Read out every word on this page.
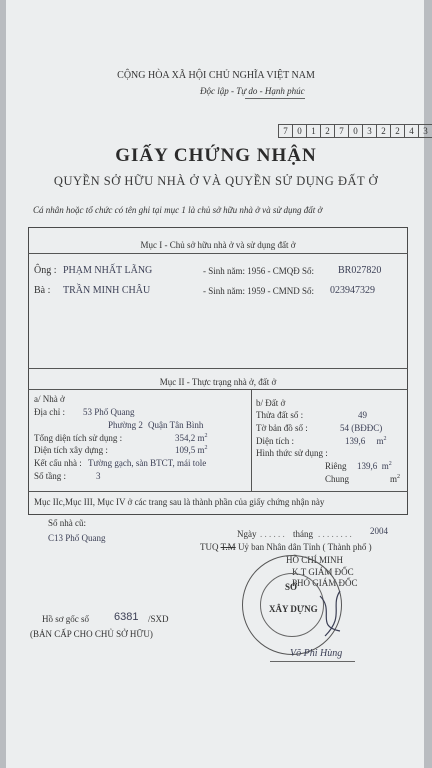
CỘNG HÒA XÃ HỘI CHỦ NGHĨA VIỆT NAM
Độc lập - Tự do - Hạnh phúc
7	0	1	2	7	0	3	2	2	4	3
GIẤY CHỨNG NHẬN
QUYỀN SỞ HỮU NHÀ Ở VÀ QUYỀN SỬ DỤNG ĐẤT Ở
Cá nhân hoặc tổ chức có tên ghi tại mục 1 là chủ sở hữu nhà ở và sử dụng đất ở
Mục I - Chủ sở hữu nhà ở và sử dụng đất ở
Ông : PHẠM NHẤT LÃNG	- Sinh năm: 1956 - CMQĐ Số: BR027820
Bà : TRẦN MINH CHÂU	- Sinh năm: 1959 - CMND Số: 023947329
Mục II - Thực trạng nhà ở, đất ở
a/ Nhà ở
Địa chỉ : 53 Phố Quang
Phường 2 Quận Tân Bình
Tổng diện tích sử dụng :	354,2 $m^2$
Diện tích xây dựng :	109,5 $m^2$
Kết cấu nhà : Tường gạch, sàn BTCT, mái tole
Số tầng :	3
b/ Đất ở
Thửa đất số :	49
Tờ bản đồ số :	54 (BĐĐC)
Diện tích :	139,6 $m^2$
Hình thức sử dụng :
Riêng 139,6 $m^2$
Chung	$m^2$
Mục IIc,Mục III, Mục IV ở các trang sau là thành phần của giấy chứng nhận này
Số nhà cũ:
C13 Phố Quang	Ngày . . . . . . tháng . . . . . . . . 2004
TUQ T.M Uỷ ban Nhân dân Tỉnh ( Thành phố )
HỒ CHÍ MINH
K.T GIÁM ĐỐC
PHÓ GIÁM ĐỐC
SỞ
XÂY DỰNG
Võ Phi Hùng
Hồ sơ gốc số 6381 /SXD
(BẢN CẤP CHO CHỦ SỞ HỮU)
